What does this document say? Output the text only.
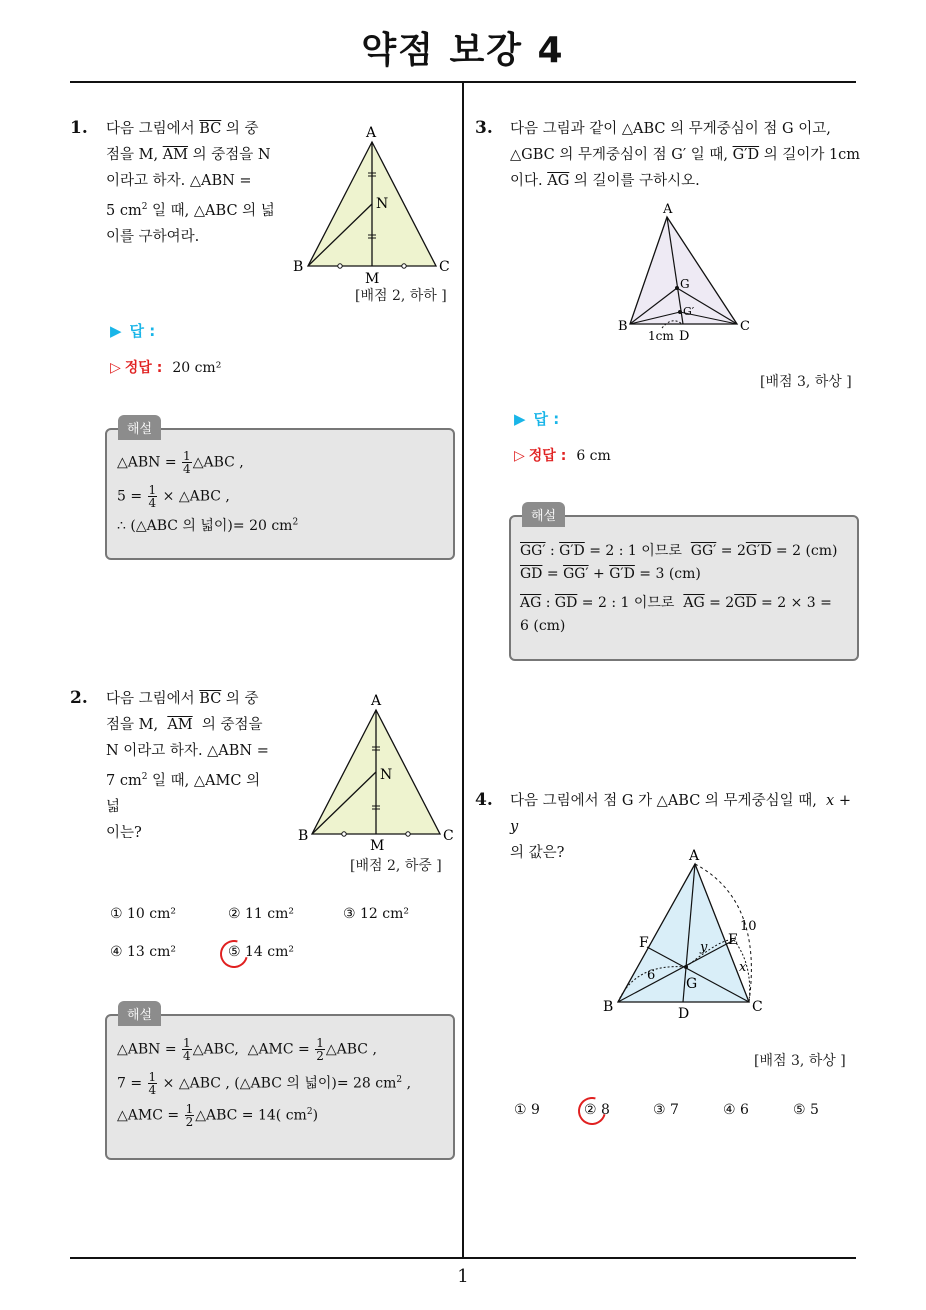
약점 보강 4
1
1. 다음 그림에서 $\overline{BC}$ 의 중
점을 M, $\overline{AM}$ 의 중점을 N
이라고 하자. △ABN =
5 $cm^2$ 일 때, △ABC 의 넓
이를 구하여라.
A
B	C
M
N
[배점 2, 하하 ]
▶ 답 :
▷ 정답 : 20 cm²
해설
△ABN = $\frac{1}{4}$ △ABC ,
$5 = \frac{1}{4}$ × △ABC ,
∴ (△ABC 의 넓이)= 20 $cm^2$
2. 다음 그림에서 $\overline{BC}$ 의 중
점을 M,  $\overline{AM}$  의 중점을
N 이라고 하자. △ABN =
7 $cm^2$ 일 때, △AMC 의 넓
이는?
A
B	C
M
N
[배점 2, 하중 ]
① 10 cm²	② 11 cm²	③ 12 cm²
④ 13 cm²	⑤ 14 cm²
해설
△ABN = $\frac{1}{4}$ △ABC,  △AMC = $\frac{1}{2}$ △ABC ,
$7 = \frac{1}{4}$ × △ABC , (△ABC 의 넓이)= 28 $cm^2$ ,
△AMC = $\frac{1}{2}$ △ABC = 14( $cm^2$)
3. 다음 그림과 같이 △ABC 의 무게중심이 점 G 이고,
△GBC 의 무게중심이 점 G′ 일 때, G′D 의 길이가 1cm
이다. $\overline{AG}$ 의 길이를 구하시오.
A
B	C
D
G
G′
1cm
[배점 3, 하상 ]
▶ 답 :
▷ 정답 : 6 cm
해설
GG′ : G′D = 2 : 1 이므로  GG′ = 2G′D = 2 (cm)
$\overline{GD} = GG' + G'D = 3$ (cm)
$\overline{AG}$ : $\overline{GD} = 2$ : 1 이므로  $\overline{AG} = 2\overline{GD} = 2 \times 3$ =
6 (cm)
4. 다음 그림에서 점 G 가 △ABC 의 무게중심일 때,  x + y
의 값은?	A
B	C
D
E
F
G
10
6
x
y
[배점 3, 하상 ]
① 9	② 8	③ 7	④ 6	⑤ 5
